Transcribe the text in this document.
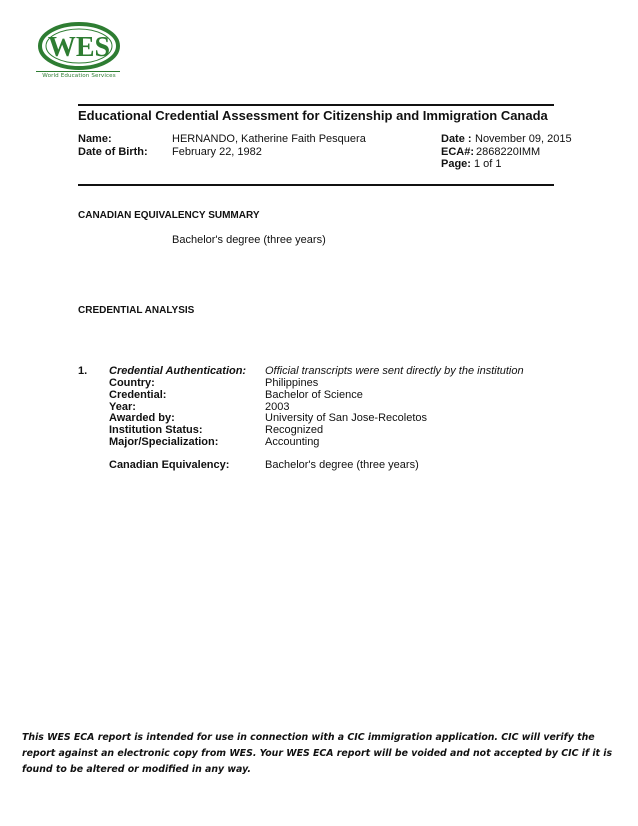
WES
World Education Services
Educational Credential Assessment for Citizenship and Immigration Canada
Name:	HERNANDO, Katherine Faith Pesquera
Date of Birth: February 22, 1982
Date : November 09, 2015
ECA#: 2868220IMM
Page: 1 of 1
CANADIAN EQUIVALENCY SUMMARY
Bachelor's degree (three years)
CREDENTIAL ANALYSIS
1. Credential Authentication: Official transcripts were sent directly by the institution
Country:	Philippines
Credential:	Bachelor of Science
Year:	2003
Awarded by:	University of San Jose-Recoletos
Institution Status:	Recognized
Major/Specialization:	Accounting
Canadian Equivalency:	Bachelor's degree (three years)
This WES ECA report is intended for use in connection with a CIC immigration application. CIC will verify the report against an electronic copy from WES. Your WES ECA report will be voided and not accepted by CIC if it is found to be altered or modified in any way.
